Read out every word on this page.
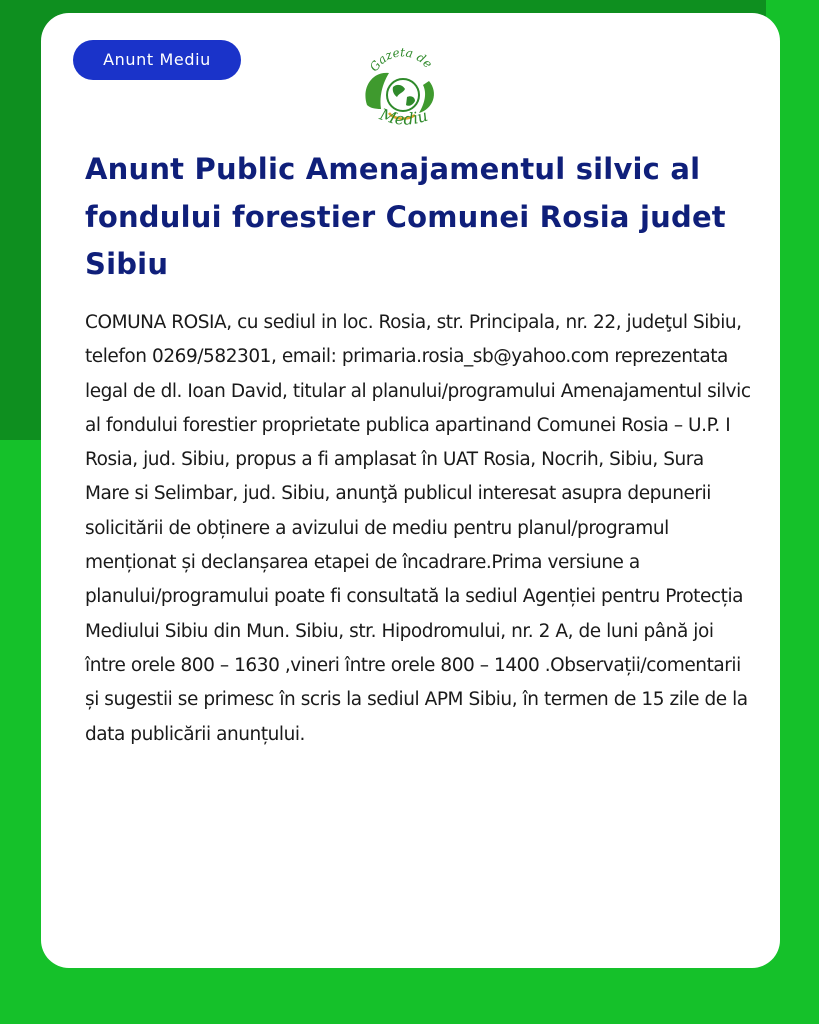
Anunt Mediu	Gazeta de
Mediu
Anunt Public Amenajamentul silvic al fondului forestier Comunei Rosia judet Sibiu

COMUNA ROSIA, cu sediul in loc. Rosia, str. Principala, nr. 22, judeţul Sibiu, telefon 0269/582301, email: primaria.rosia_sb@yahoo.com reprezentata legal de dl. Ioan David, titular al planului/programului Amenajamentul silvic al fondului forestier proprietate publica apartinand Comunei Rosia – U.P. I Rosia, jud. Sibiu, propus a fi amplasat în UAT Rosia, Nocrih, Sibiu, Sura Mare si Selimbar, jud. Sibiu, anunţă publicul interesat asupra depunerii solicitării de obținere a avizului de mediu pentru planul/programul menționat și declanșarea etapei de încadrare.Prima versiune a planului/programului poate fi consultată la sediul Agenției pentru Protecția Mediului Sibiu din Mun. Sibiu, str. Hipodromului, nr. 2 A, de luni până joi între orele 800 – 1630 ,vineri între orele 800 – 1400 .Observații/comentarii și sugestii se primesc în scris la sediul APM Sibiu, în termen de 15 zile de la data publicării anunțului.
